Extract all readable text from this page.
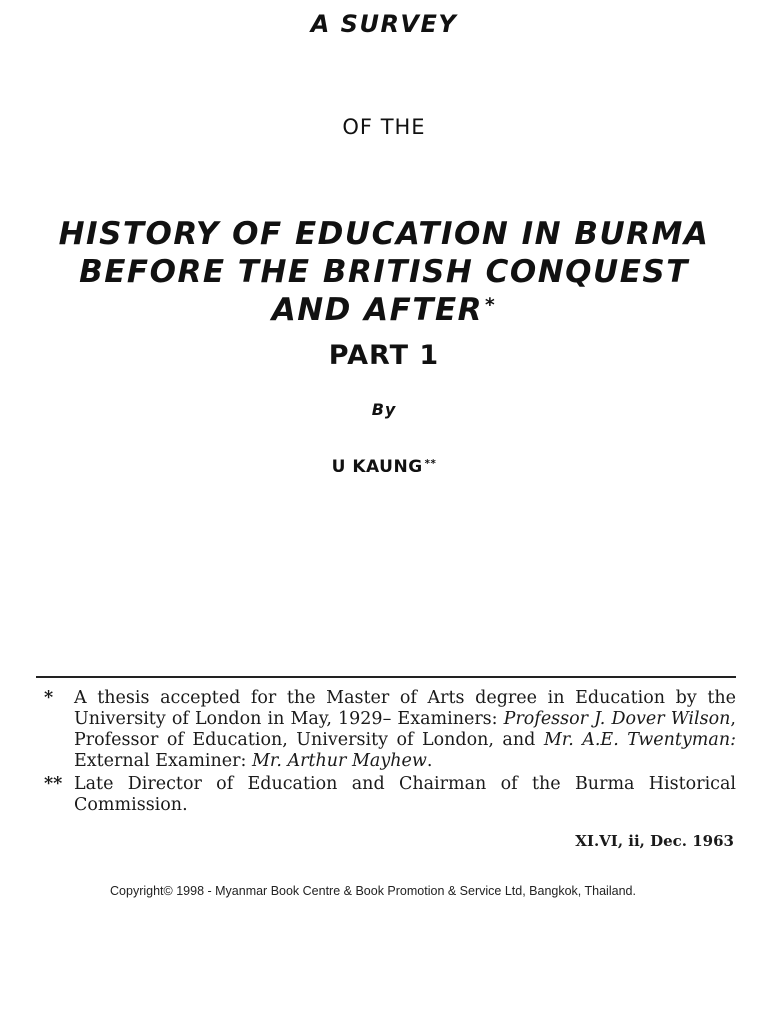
A SURVEY
OF THE
HISTORY OF EDUCATION IN BURMA
BEFORE THE BRITISH CONQUEST
AND AFTER *
PART 1
By
U KAUNG **
*	A thesis accepted for the Master of Arts degree in Education by the University of London in May, 1929– Examiners: Professor J. Dover Wilson, Professor of Education, University of London, and Mr. A.E. Twentyman: External Examiner: Mr. Arthur Mayhew.
** Late Director of Education and Chairman of the Burma Historical Commission.
XI.VI, ii, Dec. 1963
Copyright© 1998 - Myanmar Book Centre & Book Promotion & Service Ltd, Bangkok, Thailand.
